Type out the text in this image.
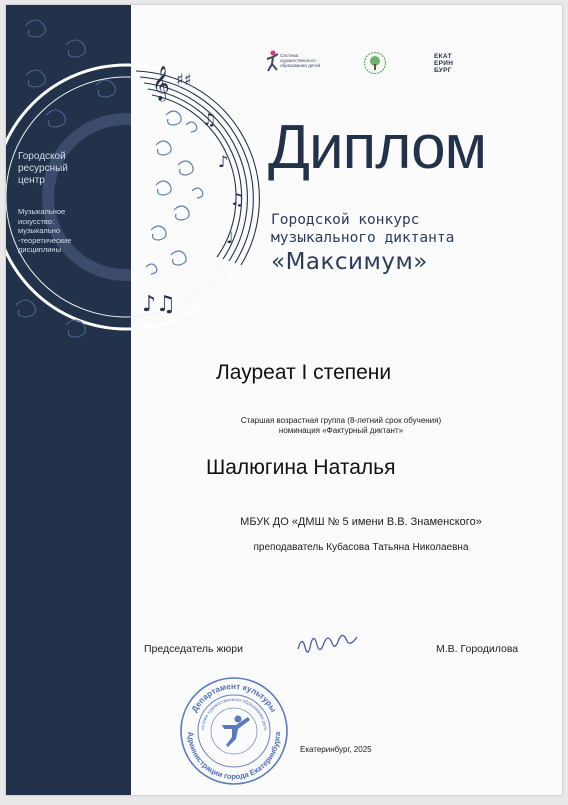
𝄞 ♯♯
♫
♪
♫
♩
♪♫
Городской
ресурсный
центр
Музыкальное
искусство:
музыкально
-теоретические
дисциплины
Система
художественного
образования детей
ЕКАТ
ЕРИН
БУРГ
Диплом
Городской конкурс
музыкального диктанта
«Максимум»
Лауреат I степени
Старшая возрастная группа (8-летний срок обучения)
номинация «Фактурный диктант»
Шалюгина Наталья
МБУК ДО «ДМШ № 5 имени В.В. Знаменского»
преподаватель Кубасова Татьяна Николаевна
Председатель жюри	М.В. Городилова
Департамент культуры
истема художественного образования дете
Администрации города Екатеринбурга
Екатеринбург, 2025
